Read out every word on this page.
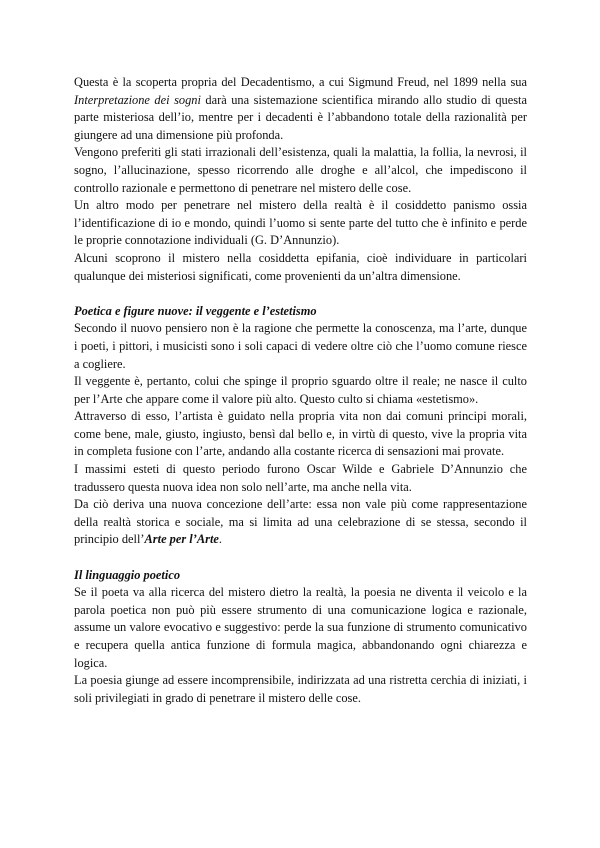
Questa è la scoperta propria del Decadentismo, a cui Sigmund Freud, nel 1899 nella sua Interpretazione dei sogni darà una sistemazione scientifica mirando allo studio di questa parte misteriosa dell’io, mentre per i decadenti è l’abbandono totale della razionalità per giungere ad una dimensione più profonda.

Vengono preferiti gli stati irrazionali dell’esistenza, quali la malattia, la follia, la nevrosi, il sogno, l’allucinazione, spesso ricorrendo alle droghe e all’alcol, che impediscono il controllo razionale e permettono di penetrare nel mistero delle cose.

Un altro modo per penetrare nel mistero della realtà è il cosiddetto panismo ossia l’identificazione di io e mondo, quindi l’uomo si sente parte del tutto che è infinito e perde le proprie connotazione individuali (G. D’Annunzio).

Alcuni scoprono il mistero nella cosiddetta epifania, cioè individuare in particolari qualunque dei misteriosi significati, come provenienti da un’altra dimensione.

Poetica e figure nuove: il veggente e l’estetismo

Secondo il nuovo pensiero non è la ragione che permette la conoscenza, ma l’arte, dunque i poeti, i pittori, i musicisti sono i soli capaci di vedere oltre ciò che l’uomo comune riesce a cogliere.

Il veggente è, pertanto, colui che spinge il proprio sguardo oltre il reale; ne nasce il culto per l’Arte che appare come il valore più alto. Questo culto si chiama «estetismo».

Attraverso di esso, l’artista è guidato nella propria vita non dai comuni principi morali, come bene, male, giusto, ingiusto, bensì dal bello e, in virtù di questo, vive la propria vita in completa fusione con l’arte, andando alla costante ricerca di sensazioni mai provate.

I massimi esteti di questo periodo furono Oscar Wilde e Gabriele D’Annunzio che tradussero questa nuova idea non solo nell’arte, ma anche nella vita.

Da ciò deriva una nuova concezione dell’arte: essa non vale più come rappresentazione della realtà storica e sociale, ma si limita ad una celebrazione di se stessa, secondo il principio dell’Arte per l’Arte.

Il linguaggio poetico

Se il poeta va alla ricerca del mistero dietro la realtà, la poesia ne diventa il veicolo e la parola poetica non può più essere strumento di una comunicazione logica e razionale, assume un valore evocativo e suggestivo: perde la sua funzione di strumento comunicativo e recupera quella antica funzione di formula magica, abbandonando ogni chiarezza e logica.

La poesia giunge ad essere incomprensibile, indirizzata ad una ristretta cerchia di iniziati, i soli privilegiati in grado di penetrare il mistero delle cose.
